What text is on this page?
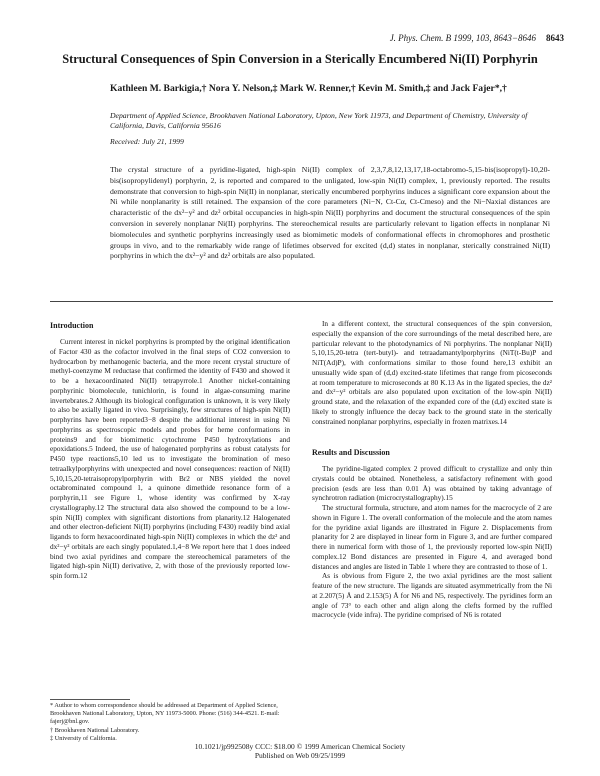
J. Phys. Chem. B 1999, 103, 8643−8646 8643
Structural Consequences of Spin Conversion in a Sterically Encumbered Ni(II) Porphyrin
Kathleen M. Barkigia,† Nora Y. Nelson,‡ Mark W. Renner,† Kevin M. Smith,‡ and Jack Fajer*,†
Department of Applied Science, Brookhaven National Laboratory, Upton, New York 11973, and Department of Chemistry, University of California, Davis, California 95616
Received: July 21, 1999
The crystal structure of a pyridine-ligated, high-spin Ni(II) complex of 2,3,7,8,12,13,17,18-octabromo-5,15-bis(isopropyl)-10,20-bis(isopropylidenyl) porphyrin, 2, is reported and compared to the unligated, low-spin Ni(II) complex, 1, previously reported. The results demonstrate that conversion to high-spin Ni(II) in nonplanar, sterically encumbered porphyrins induces a significant core expansion about the Ni while nonplanarity is still retained. The expansion of the core parameters (Ni−N, Ct-Cα, Ct-Cmeso) and the Ni−Naxial distances are characteristic of the dx²−y² and dz² orbital occupancies in high-spin Ni(II) porphyrins and document the structural consequences of the spin conversion in severely nonplanar Ni(II) porphyrins. The stereochemical results are particularly relevant to ligation effects in nonplanar Ni biomolecules and synthetic porphyrins increasingly used as biomimetic models of conformational effects in chromophores and prosthetic groups in vivo, and to the remarkably wide range of lifetimes observed for excited (d,d) states in nonplanar, sterically constrained Ni(II) porphyrins in which the dx²−y² and dz² orbitals are also populated.
Introduction

Current interest in nickel porphyrins is prompted by the original identification of Factor 430 as the cofactor involved in the final steps of CO2 conversion to hydrocarbon by methanogenic bacteria, and the more recent crystal structure of methyl-coenzyme M reductase that confirmed the identity of F430 and showed it to be a hexacoordinated Ni(II) tetrapyrrole.1 Another nickel-containing porphyrinic biomolecule, tunichlorin, is found in algae-consuming marine invertebrates.2 Although its biological configuration is unknown, it is very likely to also be axially ligated in vivo. Surprisingly, few structures of high-spin Ni(II) porphyrins have been reported3−8 despite the additional interest in using Ni porphyrins as spectroscopic models and probes for heme conformations in proteins9 and for biomimetic cytochrome P450 hydroxylations and epoxidations.5 Indeed, the use of halogenated porphyrins as robust catalysts for P450 type reactions5,10 led us to investigate the bromination of meso tetraalkylporphyrins with unexpected and novel consequences: reaction of Ni(II) 5,10,15,20-tetraisopropylporphyrin with Br2 or NBS yielded the novel octabrominated compound 1, a quinone dimethide resonance form of a porphyrin,11 see Figure 1, whose identity was confirmed by X-ray crystallography.12 The structural data also showed the compound to be a low-spin Ni(II) complex with significant distortions from planarity.12 Halogenated and other electron-deficient Ni(II) porphyrins (including F430) readily bind axial ligands to form hexacoordinated high-spin Ni(II) complexes in which the dz² and dx²−y² orbitals are each singly populated.1,4−8 We report here that 1 does indeed bind two axial pyridines and compare the stereochemical parameters of the ligated high-spin Ni(II) derivative, 2, with those of the previously reported low-spin form.12

In a different context, the structural consequences of the spin conversion, especially the expansion of the core surroundings of the metal described here, are particular relevant to the photodynamics of Ni porphyrins. The nonplanar Ni(II) 5,10,15,20-tetra (tert-butyl)- and tetraadamantylporphyrins (NiT(t-Bu)P and NiT(Ad)P), with conformations similar to those found here,13 exhibit an unusually wide span of (d,d) excited-state lifetimes that range from picoseconds at room temperature to microseconds at 80 K.13 As in the ligated species, the dz² and dx²−y² orbitals are also populated upon excitation of the low-spin Ni(II) ground state, and the relaxation of the expanded core of the (d,d) excited state is likely to strongly influence the decay back to the ground state in the sterically constrained nonplanar porphyrins, especially in frozen matrixes.14

Results and Discussion

The pyridine-ligated complex 2 proved difficult to crystallize and only thin crystals could be obtained. Nonetheless, a satisfactory refinement with good precision (esds are less than 0.01 Å) was obtained by taking advantage of synchrotron radiation (microcrystallography).15

The structural formula, structure, and atom names for the macrocycle of 2 are shown in Figure 1. The overall conformation of the molecule and the atom names for the pyridine axial ligands are illustrated in Figure 2. Displacements from planarity for 2 are displayed in linear form in Figure 3, and are further compared there in numerical form with those of 1, the previously reported low-spin Ni(II) complex.12 Bond distances are presented in Figure 4, and averaged bond distances and angles are listed in Table 1 where they are contrasted to those of 1.

As is obvious from Figure 2, the two axial pyridines are the most salient feature of the new structure. The ligands are situated asymmetrically from the Ni at 2.207(5) Å and 2.153(5) Å for N6 and N5, respectively. The pyridines form an angle of 73° to each other and align along the clefts formed by the ruffled macrocycle (vide infra). The pyridine comprised of N6 is rotated

* Author to whom correspondence should be addressed at Department of Applied Science, Brookhaven National Laboratory, Upton, NY 11973-5000. Phone: (516) 344-4521. E-mail: fajerj@bnl.gov.
† Brookhaven National Laboratory.
‡ University of California.
10.1021/jp992508y CCC: $18.00 © 1999 American Chemical Society
Published on Web 09/25/1999
